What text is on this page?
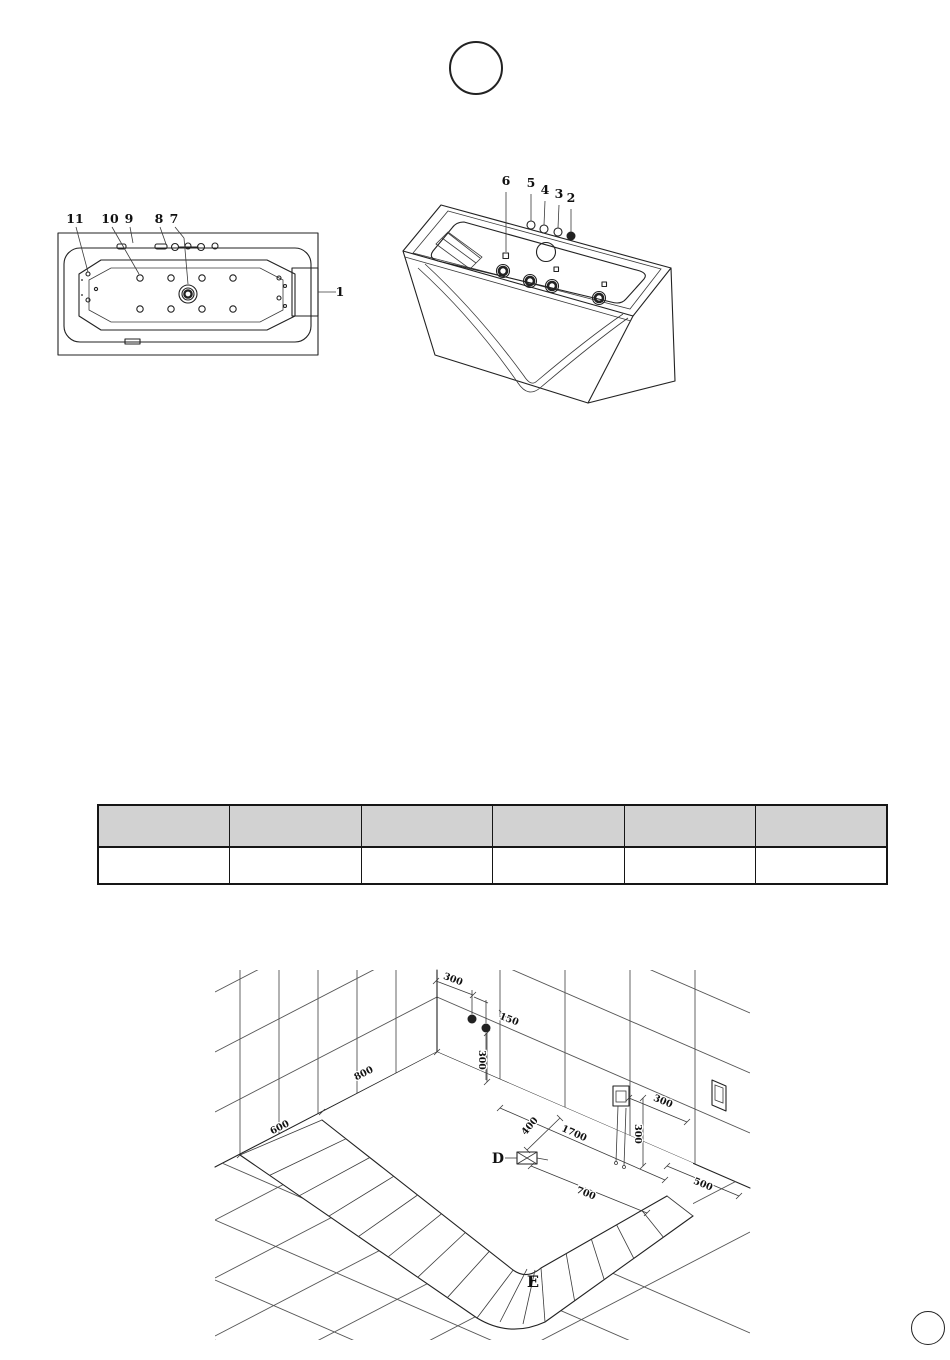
11 10 9 8 7
1
6 5 4 3 2

300
150
300
800
600	1700
400
700
300
300
500
D
E
